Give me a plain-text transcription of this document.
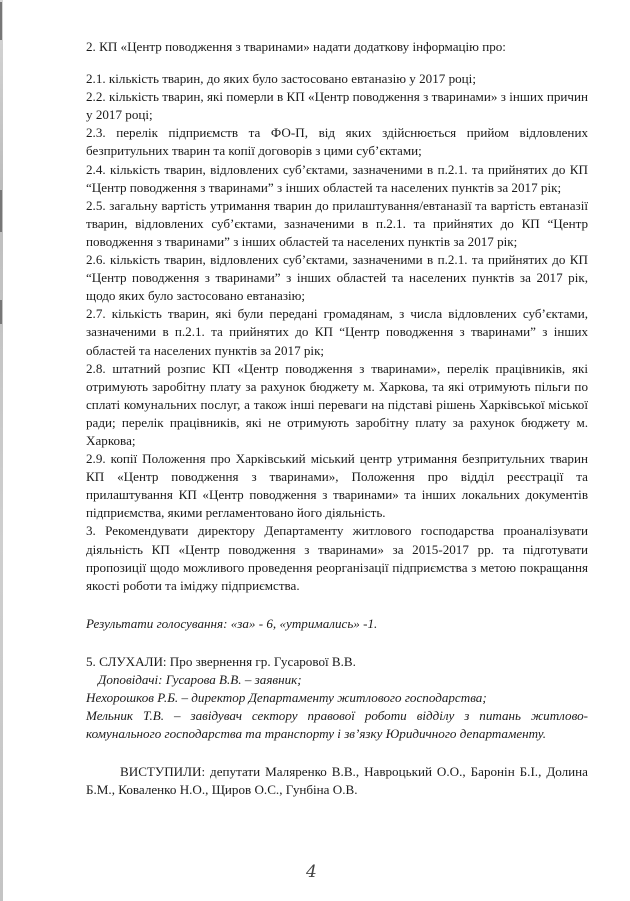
2. КП «Центр поводження з тваринами» надати додаткову інформацію про:

2.1. кількість тварин, до яких було застосовано евтаназію у 2017 році;

2.2. кількість тварин, які померли в КП «Центр поводження з тваринами» з інших причин у 2017 році;

2.3. перелік підприємств та ФО-П, від яких здійснюється прийом відловлених безпритульних тварин та копії договорів з цими суб’єктами;

2.4. кількість тварин, відловлених суб’єктами, зазначеними в п.2.1. та прийнятих до КП “Центр поводження з тваринами” з інших областей та населених пунктів за 2017 рік;

2.5. загальну вартість утримання тварин до прилаштування/евтаназії та вартість евтаназії тварин, відловлених суб’єктами, зазначеними в п.2.1. та прийнятих до КП “Центр поводження з тваринами” з інших областей та населених пунктів за 2017 рік;

2.6. кількість тварин, відловлених суб’єктами, зазначеними в п.2.1. та прийнятих до КП “Центр поводження з тваринами” з інших областей та населених пунктів за 2017 рік, щодо яких було застосовано евтаназію;

2.7. кількість тварин, які були передані громадянам, з числа відловлених суб’єктами, зазначеними в п.2.1. та прийнятих до КП “Центр поводження з тваринами” з інших областей та населених пунктів за 2017 рік;

2.8. штатний розпис КП «Центр поводження з тваринами», перелік працівників, які отримують заробітну плату за рахунок бюджету м. Харкова, та які отримують пільги по сплаті комунальних послуг, а також інші переваги на підставі рішень Харківської міської ради; перелік працівників, які не отримують заробітну плату за рахунок бюджету м. Харкова;

2.9. копії Положення про Харківський міський центр утримання безпритульних тварин КП «Центр поводження з тваринами», Положення про відділ реєстрації та прилаштування КП «Центр поводження з тваринами» та інших локальних документів підприємства, якими регламентовано його діяльність.

3. Рекомендувати директору Департаменту житлового господарства проаналізувати діяльність КП «Центр поводження з тваринами» за 2015-2017 рр. та підготувати пропозиції щодо можливого проведення реорганізації підприємства з метою покращання якості роботи та іміджу підприємства.

Результати голосування: «за» - 6, «утримались» -1.

5. СЛУХАЛИ: Про звернення гр. Гусарової В.В.

Доповідачі: Гусарова В.В. – заявник;

Нехорошков Р.Б. – директор Департаменту житлового господарства;

Мельник Т.В. – завідувач сектору правової роботи відділу з питань житлово-комунального господарства та транспорту і зв’язку Юридичного департаменту.

ВИСТУПИЛИ: депутати Маляренко В.В., Навроцький О.О., Баронін Б.І., Долина Б.М., Коваленко Н.О., Щиров О.С., Гунбіна О.В.

4
